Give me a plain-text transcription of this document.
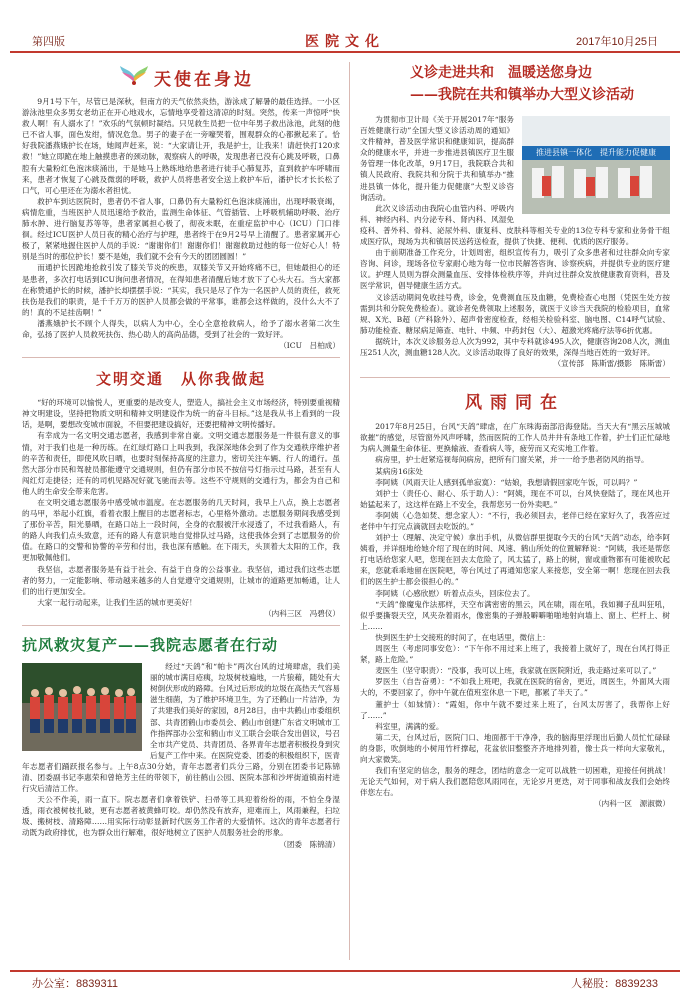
第四版	医院文化	2017年10月25日
天使在身边

9月1号下午，尽管已是深秋，但南方的天气依然炎热，游泳成了解暑的最佳选择。一小区游泳池里众多男女老幼正在开心地戏水，忘情地享受着这清凉的时刻。突然，传来一声惊呼“快救人啊！有人溺水了！”欢乐的气氛顿时凝结。只见救生员把一位中年男子救出泳池，此刻的他已不省人事，面色发绀，情况危急。男子的妻子在一旁嚎哭着，围观群众的心都揪起来了。恰好我院潘燕娥护长在场，她闻声赶来，说：“大家请让开，我是护士，让我来！请赶快打120求救！”她立即跪在地上触摸患者的颈动脉，观察病人的呼吸，发现患者已没有心跳及呼吸，口鼻腔有大量粉红色泡沫痰涌出，于是她马上熟练地给患者进行徒手心肺复苏，直到救护车呼啸而来，患者才恢复了心跳及微弱的呼吸，救护人员将患者安全送上救护车后，潘护长才长长松了口气，可心里还在为溺水者担忧。

救护车到达医院时，患者仍不省人事，口鼻仍有大量粉红色泡沫痰涌出，出现呼吸衰竭，病情危重，当班医护人员迅速给予救治，监测生命体征、气管插管、上呼吸机辅助呼吸、治疗肺水肿、进行脑复苏等等，患者家属担心极了，彻夜未眠，在重症监护中心（ICU）门口徘徊。经过ICU医护人员日夜的精心治疗与护理，患者终于在9月2号早上清醒了。患者家属开心极了，紧紧地握住医护人员的手说：“谢谢你们！谢谢你们！谢谢救助过他的每一位好心人！特别是当时的那位护长！要不是她，我们就不会有今天的团团圆圆！”

而通护长因跪地抢救引发了膝关节炎的疾患，双膝关节又开始疼痛不已，但她最担心的还是患者，多次打电话到ICU询问患者情况，在得知患者清醒后她才放下了心头大石。当大家都在称赞通护长的时候，潘护长却摆摆手说：“其实，我只是尽了作为一名医护人员的责任，救死扶伤是我们的职责，是千千万万的医护人员都会做的平常事，谁都会这样做的，没什么大不了的！真的不足挂齿啊！”

潘燕娥护长不顾个人得失，以病人为中心，全心全意抢救病人，给予了溺水者第二次生命，弘扬了医护人员救死扶伤、热心助人的高尚品德，受到了社会的一致好评。

（ICU　吕柏成）
文明交通　从你我做起

“好的环境可以愉悦人，更重要的是改变人，塑造人，搞社会主义市场经济，特别要重视精神文明建设，坚持把物质文明和精神文明建设作为统一的奋斗目标。”这是我从书上看到的一段话，是啊，要想改变城市面貌，不但要把建设搞好，还要把精神文明传播好。

有幸成为一名文明交通志愿者，我感到非常自豪。文明交通志愿服务是一件很有意义的事情，对于我们也是一种历练。在红绿灯路口上叫我到，我深深地体会到了作为交通秩序维护者的辛苦和责任，即使风吹日晒，也要时刻保持高度的注意力，密切关注车辆、行人的通行。虽然大部分市民和驾驶员都能遵守交通规则，但仍有部分市民不按信号灯指示过马路，甚至有人闯红灯走捷径；还有的司机见路况好就飞驰而去等。这些不守规则的交通行为，都会为自己和他人的生命安全带来危害。

在文明交通志愿服务中感受城市温度。在志愿服务的几天时间，我早上八点，换上志愿者的马甲，举起小红旗，看着衣服上醒目的志愿者标志，心里格外激动。志愿服务期间我感受到了那份辛苦，阳光暴晒，在路口站上一段时间，全身的衣服被汗水浸透了，不过我看路人，有的路人向我们点头致意，还有的路人有意识地自觉排队过马路，这使我体会到了志愿服务的价值。在路口的交警和协警的辛劳和付出，我也深有感触。在下雨天，头顶着大太阳的工作，我更加敬佩他们。

我坚信，志愿者服务是有益于社会、有益于自身的公益事业。我坚信，通过我们这些志愿者的努力，一定能影响、带动越来越多的人自觉遵守交通规则，让城市的道路更加畅通，让人们的出行更加安全。

大家一起行动起来，让我们生活的城市更美好！

（内科三区　冯碧仪）
抗风救灾复产——我院志愿者在行动

经过“天鸽”和“帕卡”两次台风的过境肆虐，我们美丽的城市满目疮痍，垃圾树枝遍地，一片狼藉，随处有大树倒伏形成的路障。台风过后形成的垃圾在高热天气容易滋生细菌，为了维护环境卫生，为了还鹤山一片洁净，为了共建我们美好的家园，8月28日，由中共鹤山市委组织部、共青团鹤山市委员会、鹤山市创建广东省文明城市工作指挥部办公室和鹤山市义工联合会联合发出倡议，号召全市共产党员、共青团员、各界青年志愿者积极投身到灾后复产工作中来。在医院党委、团委的积极组织下，医青年志愿者们踊跃报名参与。上午8点30分始，青年志愿者们兵分三路，分别在团委书记陈锦清、团委副书记李惠荣和曾艳芳主任的带领下，前往鹤山公园、医院本部和沙坪街道镇南村进行灾后清洁工作。

天公不作美，雨一直下。院志愿者们拿着铁铲、扫帚等工具迎着纷纷的雨，不怕全身湿透，雨衣被树枝扎破，更有志愿者被黄蜂叮咬。却仍然没有放弃，迎难而上，风雨兼程，扫垃圾、搬树枝、清路障……用实际行动彰显新时代医务工作者的大爱情怀。这次的青年志愿者行动既为政府排忧，也为群众出行解难，很好地树立了医护人员服务社会的形象。

（团委　陈锦清）
义诊走进共和　温暖送您身边
——我院在共和镇举办大型义诊活动
推进县镇一体化　提升能力促健康

为贯彻市卫计局《关于开展2017年“服务百姓健康行动”全国大型义诊活动周的通知》文件精神，普及医学常识和健康知识，提高群众的健康水平，并进一步推进县镇医疗卫生服务管理一体化改革，9月17日，我院联合共和镇人民政府、我院共和分院于共和镇举办“推进县镇一体化，提升能力促健康”大型义诊咨询活动。

此次义诊活动由我院心血管内科、呼吸内科、神经内科、内分泌专科、肾内科、风湿免疫科、普外科、骨科、泌尿外科、康复科、皮肤科等相关专业的13位专科专家和业务骨干组成医疗队，现场为共和镇居民送药送检查，提供了快捷、便利、优质的医疗服务。

由于前期准备工作充分，计划周密，组织宣传有力，吸引了众多患者和过往群众向专家咨询、问诊，现场各位专家耐心地为每一位市民解答咨询、诊察疾病，并提供专业的医疗建议。护理人员则为群众测量血压、安排体检秩序等，并向过往群众发放健康教育资料，普及医学常识，倡导健康生活方式。

义诊活动期间免收挂号费，诊金，免费测血压及血糖，免费检查心电图（凭医生处方按需到共和分院免费检查）。就诊者免费领取上述服务，就医于义诊当天我院的检验项目，血常规、X光、B超（产科除外）、超声骨密度检查，经相关检验科室、脑电图、C14呼气试验、肺功能检查、糖尿病足筛查、电针、中频、中药封包（大）、超激光疼痛疗法等6折优惠。

据统计，本次义诊服务总人次为992，其中专科就诊495人次，健康咨询208人次，测血压251人次，测血糖128人次。义诊活动取得了良好的效果，深得当地百姓的一致好评。

（宣传部　陈斯雷/摄影　陈斯雷）
风雨同在

2017年8月25日，台风“天鸽”肆虐，在广东珠海南部沿海登陆。当天大有“黑云压城城欲摧”的感觉，尽管窗外风声呼啸，然而医院的工作人员井井有条地工作着，护士们正忙碌地为病人测量生命体征、更换输液、查看病人等，疲劳而又充实地工作着。

病房里，护士赶紧巡视每间病房，把所有门窗关紧，并一一给予患者防风的指导。

某病房16床处

李阿姨（风雨天让人感到孤单寂寞）：“姑娘，我想请假回家吃午饭，可以吗？”

刘护士（责任心、耐心、乐于助人）：“阿姨，现在不可以，台风快登陆了，现在风也开始猛起来了，这这样在路上不安全，我帮您另一份外卖吧。”

李阿姨（心急如焚、想念家人）：“不行，我必须回去，老伴已经在家好久了，我答应过老伴中午打完点滴就回去吃饭的。”

刘护士（理解、决定守候）拿出手机，从微信群里提取今天的台风“天鸽”动态，给李阿姨看，并详细地给她介绍了现在的时间、风速、鹤山所处的位置解释说：“阿姨，我还是帮您打电话给您家人吧，您现在回去太危险了，风太猛了，路上的树，窗或重物都有可能被吹起来，您就乖乖地留在医院吧，等台风过了再通知您家人来接您，安全第一啊！您现在回去我们的医生护士都会很担心的。”

李阿姨（心感欣慰）听着点点头，回床位去了。

“天鸽”像魔鬼作法那样，天空布满密密的黑云，风在啸，雨在吼，我如狮子乱叫狂吼，似乎要撕裂天空，风夹杂着雨水，像密集的子弹般噼噼啪啪地射向墙上、窗上、栏杆上、树上……

快到医生护士交接班的时间了，在电话里，微信上：

周医生（考虑同事安危）：“下午你不用过来上班了，我接着上就好了，现在台风打得正紧，路上危险。”

麦医生（坚守职责）：“没事，我可以上班，我家就在医院附近，我走路过来可以了。”

罗医生（自告奋勇）：“不如我上班吧，我就在医院的宿舍，更近，周医生，外面风大雨大的，不要回家了，你中午就在值班室休息一下吧，都累了半天了。”

董护士（如妹情）：“霞姐，你中午就不要过来上班了，台风太厉害了，我帮你上好了……”

科室里，满满的爱。

第二天，台风过后，医院门口、地面都干干净净，我的脑海里浮现出后勤人员忙忙碌碌的身影，吹倒地的小树用竹杆撑起，花盆依旧整整齐齐地排列着，像士兵一样向大家敬礼，向大家微笑。

我们有坚定的信念，服务的理念，团结的意念一定可以战胜一切困难，迎接任何挑战！无论天气如何，对于病人我们愿陪您风雨同在，无论岁月更迭，对于同事和战友我们会始终伴您左右。

（内科一区　源淑微）
办公室：8839311	人秘股：8839233
